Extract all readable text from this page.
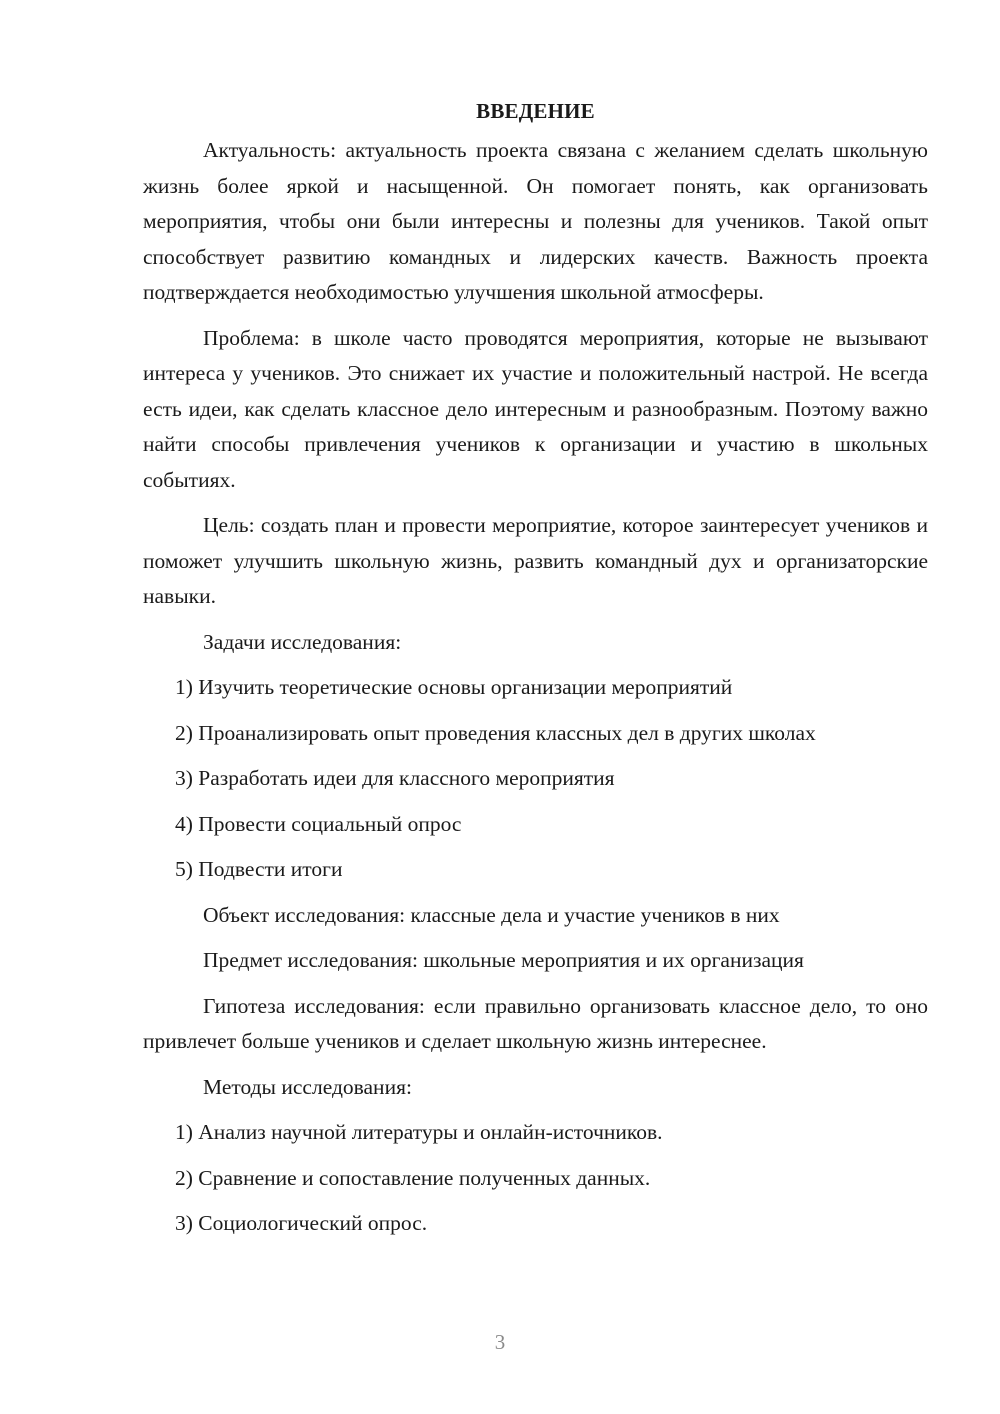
ВВЕДЕНИЕ

Актуальность: актуальность проекта связана с желанием сделать школьную жизнь более яркой и насыщенной. Он помогает понять, как организовать мероприятия, чтобы они были интересны и полезны для учеников. Такой опыт способствует развитию командных и лидерских качеств. Важность проекта подтверждается необходимостью улучшения школьной атмосферы.

Проблема: в школе часто проводятся мероприятия, которые не вызывают интереса у учеников. Это снижает их участие и положительный настрой. Не всегда есть идеи, как сделать классное дело интересным и разнообразным. Поэтому важно найти способы привлечения учеников к организации и участию в школьных событиях.

Цель: создать план и провести мероприятие, которое заинтересует учеников и поможет улучшить школьную жизнь, развить командный дух и организаторские навыки.

Задачи исследования:

1) Изучить теоретические основы организации мероприятий
2) Проанализировать опыт проведения классных дел в других школах
3) Разработать идеи для классного мероприятия
4) Провести социальный опрос
5) Подвести итоги

Объект исследования: классные дела и участие учеников в них

Предмет исследования: школьные мероприятия и их организация

Гипотеза исследования: если правильно организовать классное дело, то оно привлечет больше учеников и сделает школьную жизнь интереснее.

Методы исследования:

1) Анализ научной литературы и онлайн-источников.
2) Сравнение и сопоставление полученных данных.
3) Социологический опрос.
3
